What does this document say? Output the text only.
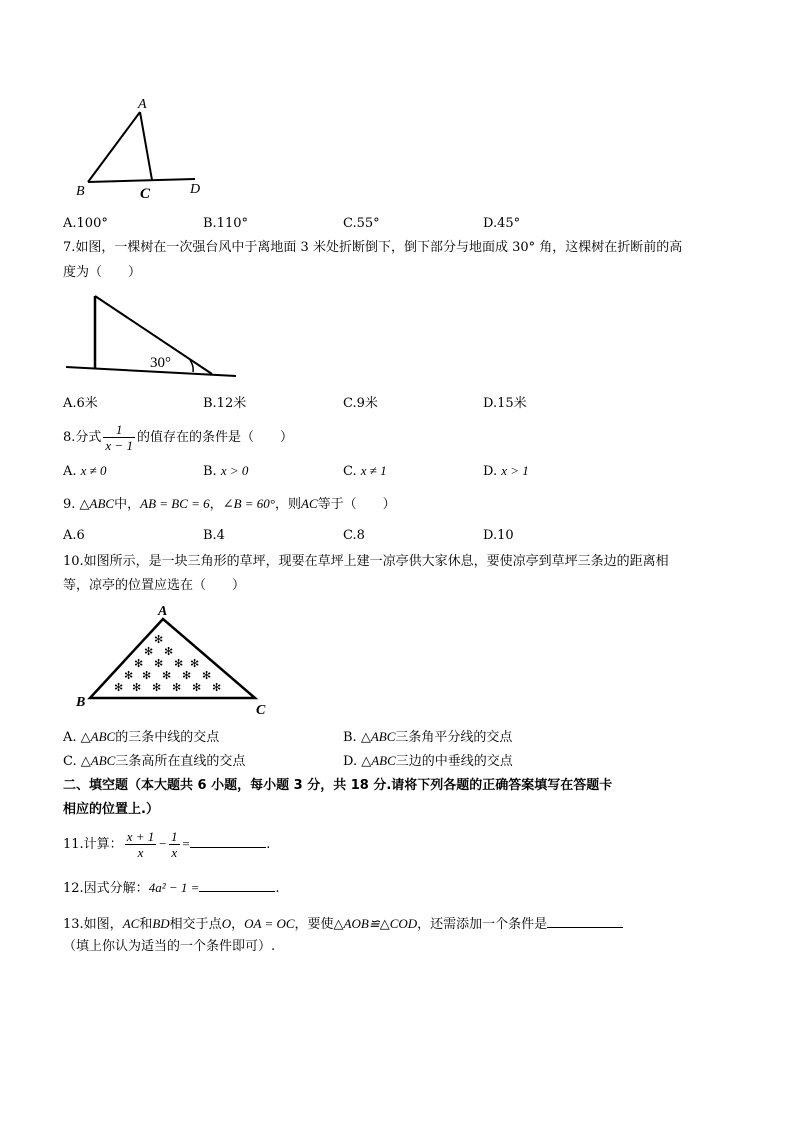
A
B	C	D
A.100°	B.110°	C.55°	D.45°
7.如图，一棵树在一次强台风中于离地面 3 米处折断倒下，倒下部分与地面成 30° 角，这棵树在折断前的高
度为（　　）
30°
A.6米	B.12米	C.9米	D.15米
8.分式 $\frac{1}{x - 1}$ 的值存在的条件是（　　）
A. x ≠ 0	B. x > 0	C. x ≠ 1	D. x > 1
9. △ABC中，AB = BC = 6，∠B = 60°，则AC等于（　　）
A.6	B.4	C.8	D.10
10.如图所示，是一块三角形的草坪，现要在草坪上建一凉亭供大家休息，要使凉亭到草坪三条边的距离相
等，凉亭的位置应选在（　　）
✻
✻ ✻
✻ ✻ ✻ ✻
✻ ✻ ✻ ✻ ✻
✻ ✻ ✻ ✻ ✻ ✻
A
B
C
A. △ABC的三条中线的交点	B. △ABC三条角平分线的交点
C. △ABC三条高所在直线的交点	D. △ABC三边的中垂线的交点
二、填空题（本大题共 6 小题，每小题 3 分，共 18 分.请将下列各题的正确答案填写在答题卡
相应的位置上.）
11.计算： $\frac{x + 1}{x} - \frac{1}{x}$ =	.
12.因式分解：4a² − 1 =	.
13.如图，AC和BD相交于点O，OA = OC，要使△AOB≌△COD，还需添加一个条件是
（填上你认为适当的一个条件即可）.
